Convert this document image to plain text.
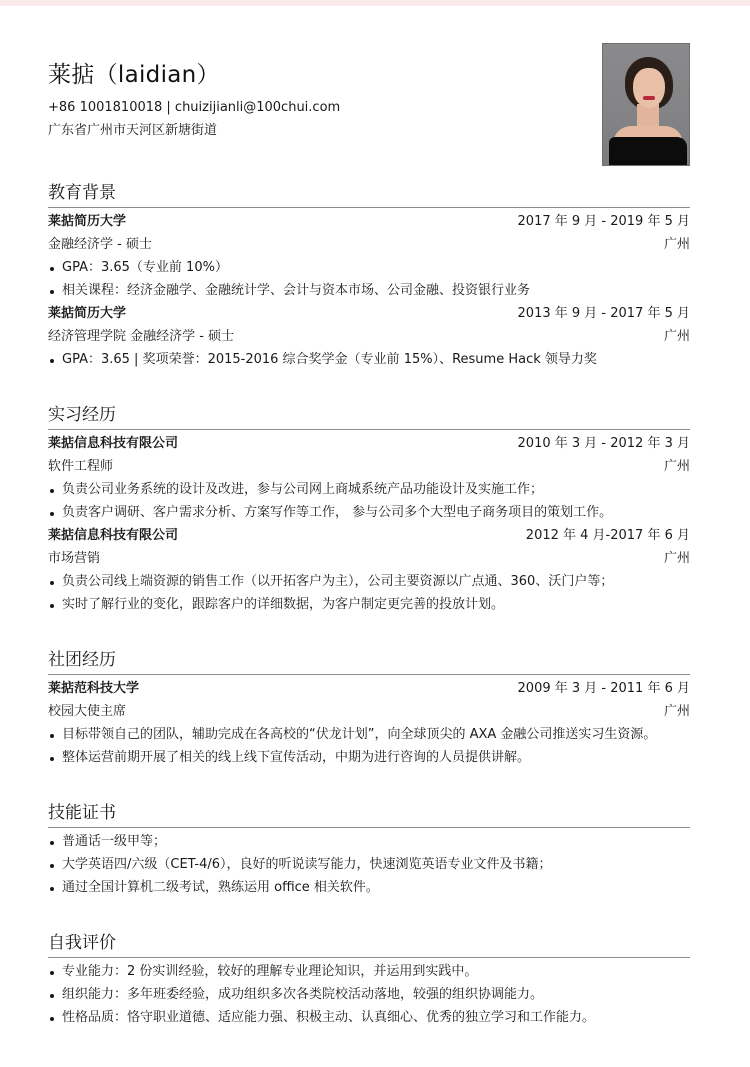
莱掂（laidian）
+86 1001810018 | chuizijianli@100chui.com
广东省广州市天河区新塘街道
教育背景
莱掂简历大学	2017 年 9 月 - 2019 年 5 月
金融经济学 - 硕士	广州
GPA：3.65（专业前 10%）
相关课程：经济金融学、金融统计学、会计与资本市场、公司金融、投资银行业务
莱掂简历大学	2013 年 9 月 - 2017 年 5 月
经济管理学院 金融经济学 - 硕士	广州
GPA：3.65 | 奖项荣誉：2015-2016 综合奖学金（专业前 15%）、Resume Hack 领导力奖
实习经历
莱掂信息科技有限公司	2010 年 3 月 - 2012 年 3 月
软件工程师	广州
负责公司业务系统的设计及改进，参与公司网上商城系统产品功能设计及实施工作；
负责客户调研、客户需求分析、方案写作等工作， 参与公司多个大型电子商务项目的策划工作。
莱掂信息科技有限公司	2012 年 4 月-2017 年 6 月
市场营销	广州
负责公司线上端资源的销售工作（以开拓客户为主），公司主要资源以广点通、360、沃门户等；
实时了解行业的变化，跟踪客户的详细数据，为客户制定更完善的投放计划。
社团经历
莱掂范科技大学	2009 年 3 月 - 2011 年 6 月
校园大使主席	广州
目标带领自己的团队，辅助完成在各高校的“伏龙计划”，向全球顶尖的 AXA 金融公司推送实习生资源。
整体运营前期开展了相关的线上线下宣传活动，中期为进行咨询的人员提供讲解。
技能证书
普通话一级甲等；
大学英语四/六级（CET-4/6），良好的听说读写能力，快速浏览英语专业文件及书籍；
通过全国计算机二级考试，熟练运用 office 相关软件。
自我评价
专业能力：2 份实训经验，较好的理解专业理论知识，并运用到实践中。
组织能力：多年班委经验，成功组织多次各类院校活动落地，较强的组织协调能力。
性格品质：恪守职业道德、适应能力强、积极主动、认真细心、优秀的独立学习和工作能力。
